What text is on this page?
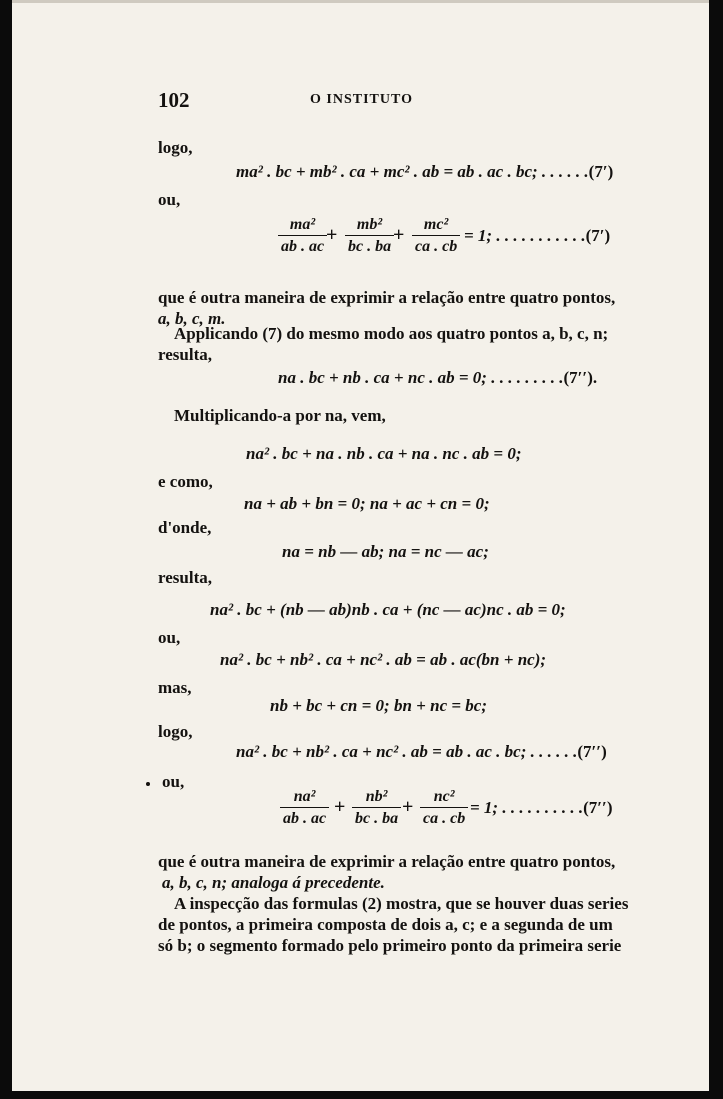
102	O INSTITUTO
logo,
ma² . bc + mb² . ca + mc² . ab = ab . ac . bc; . . . . . .(7′)
ou,
$\frac{\text{ma²}}{ab . ac}$
+ $\frac{\text{mb²}}{bc . ba}$
+ $\frac{\text{mc²}}{ca . cb} = 1$; . . . . . . . . . . .(7′)
que é outra maneira de exprimir a relação entre quatro pontos,
a, b, c, m.
Applicando (7) do mesmo modo aos quatro pontos a, b, c, n;
resulta,
na . bc + nb . ca + nc . ab = 0; . . . . . . . . .(7′′).
Multiplicando-a por na, vem,
na² . bc + na . nb . ca + na . nc . ab = 0;
e como,
na + ab + bn = 0; na + ac + cn = 0;
d'onde,
na = nb — ab; na = nc — ac;
resulta,
na² . bc + (nb — ab)nb . ca + (nc — ac)nc . ab = 0;
ou,
na² . bc + nb² . ca + nc² . ab = ab . ac(bn + nc);
mas,
nb + bc + cn = 0; bn + nc = bc;
logo,
na² . bc + nb² . ca + nc² . ab = ab . ac . bc; . . . . . .(7′′)
ou,
$\frac{\text{na²}}{ab . ac} + \frac{\text{nb²}}{bc . ba} + \frac{\text{nc²}}{ca . cb} = 1$; . . . . . . . . . .(7′′)
que é outra maneira de exprimir a relação entre quatro pontos,
a, b, c, n; analoga á precedente.
A inspecção das formulas (2) mostra, que se houver duas series
de pontos, a primeira composta de dois a, c; e a segunda de um
só b; o segmento formado pelo primeiro ponto da primeira serie
